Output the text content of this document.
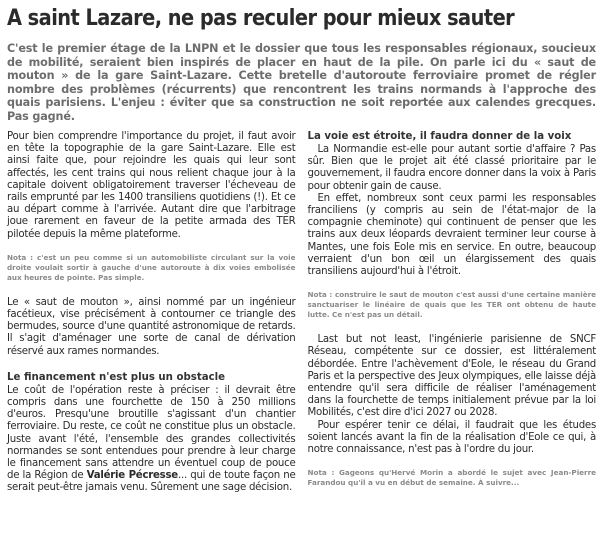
A saint Lazare, ne pas reculer pour mieux sauter

C'est le premier étage de la LNPN et le dossier que tous les responsables régionaux, soucieux de mobilité, seraient bien inspirés de placer en haut de la pile. On parle ici du « saut de mouton » de la gare Saint-Lazare. Cette bretelle d'autoroute ferroviaire promet de régler nombre des problèmes (récurrents) que rencontrent les trains normands à l'approche des quais parisiens. L'enjeu : éviter que sa construction ne soit reportée aux calendes grecques. Pas gagné.

Pour bien comprendre l'importance du projet, il faut avoir en tête la topographie de la gare Saint-Lazare. Elle est ainsi faite que, pour rejoindre les quais qui leur sont affectés, les cent trains qui nous relient chaque jour à la capitale doivent obligatoirement traverser l'écheveau de rails emprunté par les 1400 transiliens quotidiens (!). Et ce au départ comme à l'arrivée. Autant dire que l'arbitrage joue rarement en faveur de la petite armada des TER pilotée depuis la même plateforme.

Nota : c'est un peu comme si un automobiliste circulant sur la voie droite voulait sortir à gauche d'une autoroute à dix voies embolisée aux heures de pointe. Pas simple.

Le « saut de mouton », ainsi nommé par un ingénieur facétieux, vise précisément à contourner ce triangle des bermudes, source d'une quantité astronomique de retards. Il s'agit d'aménager une sorte de canal de dérivation réservé aux rames normandes.

Le financement n'est plus un obstacle

Le coût de l'opération reste à préciser : il devrait être compris dans une fourchette de 150 à 250 millions d'euros. Presqu'une broutille s'agissant d'un chantier ferroviaire. Du reste, ce coût ne constitue plus un obstacle. Juste avant l'été, l'ensemble des grandes collectivités normandes se sont entendues pour prendre à leur charge le financement sans attendre un éventuel coup de pouce de la Région de Valérie Pécresse... qui de toute façon ne serait peut-être jamais venu. Sûrement une sage décision.

La voie est étroite, il faudra donner de la voix

La Normandie est-elle pour autant sortie d'affaire ? Pas sûr. Bien que le projet ait été classé prioritaire par le gouvernement, il faudra encore donner dans la voix à Paris pour obtenir gain de cause.

En effet, nombreux sont ceux parmi les responsables franciliens (y compris au sein de l'état-major de la compagnie cheminote) qui continuent de penser que les trains aux deux léopards devraient terminer leur course à Mantes, une fois Eole mis en service. En outre, beaucoup verraient d'un bon œil un élargissement des quais transiliens aujourd'hui à l'étroit.

Nota : construire le saut de mouton c'est aussi d'une certaine manière sanctuariser le linéaire de quais que les TER ont obtenu de haute lutte. Ce n'est pas un détail.

Last but not least, l'ingénierie parisienne de SNCF Réseau, compétente sur ce dossier, est littéralement débordée. Entre l'achèvement d'Eole, le réseau du Grand Paris et la perspective des Jeux olympiques, elle laisse déjà entendre qu'il sera difficile de réaliser l'aménagement dans la fourchette de temps initialement prévue par la loi Mobilités, c'est dire d'ici 2027 ou 2028.

Pour espérer tenir ce délai, il faudrait que les études soient lancés avant la fin de la réalisation d'Eole ce qui, à notre connaissance, n'est pas à l'ordre du jour.

Nota : Gageons qu'Hervé Morin a abordé le sujet avec Jean-Pierre Farandou qu'il a vu en début de semaine. À suivre...
